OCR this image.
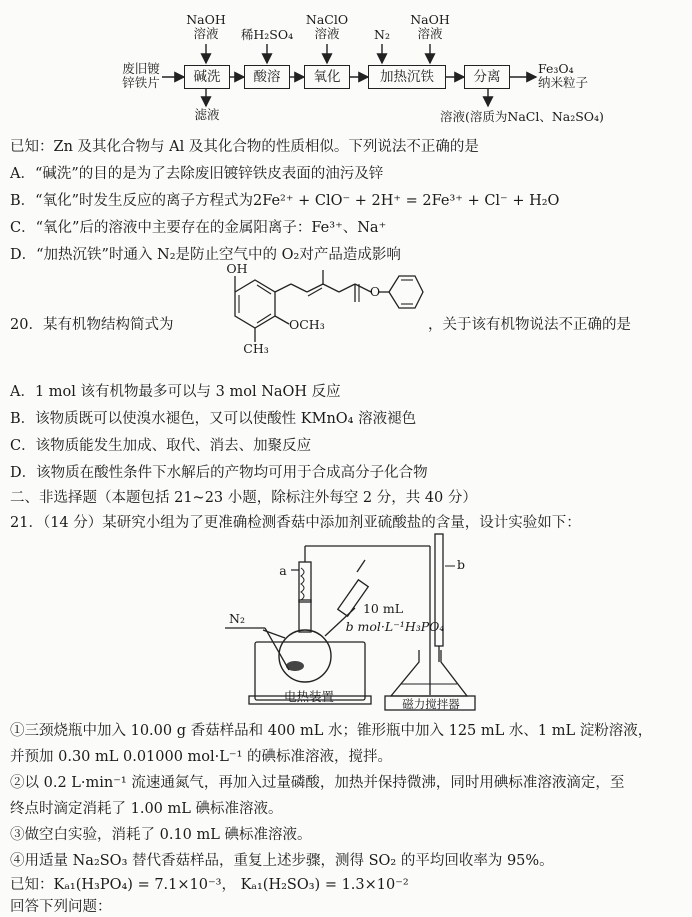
废旧镀
锌铁片	碱洗	酸溶	氧化	加热沉铁	分离
NaOH
溶液	稀H₂SO₄
NaClO
溶液	N₂
NaOH
溶液
滤液
Fe₃O₄
纳米粒子
溶液(溶质为NaCl、Na₂SO₄)
已知：Zn 及其化合物与 Al 及其化合物的性质相似。下列说法不正确的是
A．“碱洗”的目的是为了去除废旧镀锌铁皮表面的油污及锌
B．“氧化”时发生反应的离子方程式为2Fe²⁺ + ClO⁻ + 2H⁺ = 2Fe³⁺ + Cl⁻ + H₂O
C．“氧化”后的溶液中主要存在的金属阳离子：Fe³⁺、Na⁺
D．“加热沉铁”时通入 N₂是防止空气中的 O₂对产品造成影响
20．某有机物结构简式为
OH
OCH₃
CH₃
O
，关于该有机物说法不正确的是
A．1 mol 该有机物最多可以与 3 mol NaOH 反应
B．该物质既可以使溴水褪色，又可以使酸性 KMnO₄ 溶液褪色
C．该物质能发生加成、取代、消去、加聚反应
D．该物质在酸性条件下水解后的产物均可用于合成高分子化合物
二、非选择题（本题包括 21~23 小题，除标注外每空 2 分，共 40 分）
21．（14 分）某研究小组为了更准确检测香菇中添加剂亚硫酸盐的含量，设计实验如下：
a	b
N₂
10 mL
b mol·L⁻¹H₃PO₄
电热装置	磁力搅拌器
①三颈烧瓶中加入 10.00 g 香菇样品和 400 mL 水；锥形瓶中加入 125 mL 水、1 mL 淀粉溶液，
并预加 0.30 mL 0.01000 mol·L⁻¹ 的碘标准溶液，搅拌。
②以 0.2 L·min⁻¹ 流速通氮气，再加入过量磷酸，加热并保持微沸，同时用碘标准溶液滴定，至
终点时滴定消耗了 1.00 mL 碘标准溶液。
③做空白实验，消耗了 0.10 mL 碘标准溶液。
④用适量 Na₂SO₃ 替代香菇样品，重复上述步骤，测得 SO₂ 的平均回收率为 95%。
已知：Kₐ₁(H₃PO₄) = 7.1×10⁻³， Kₐ₁(H₂SO₃) = 1.3×10⁻²
回答下列问题：
